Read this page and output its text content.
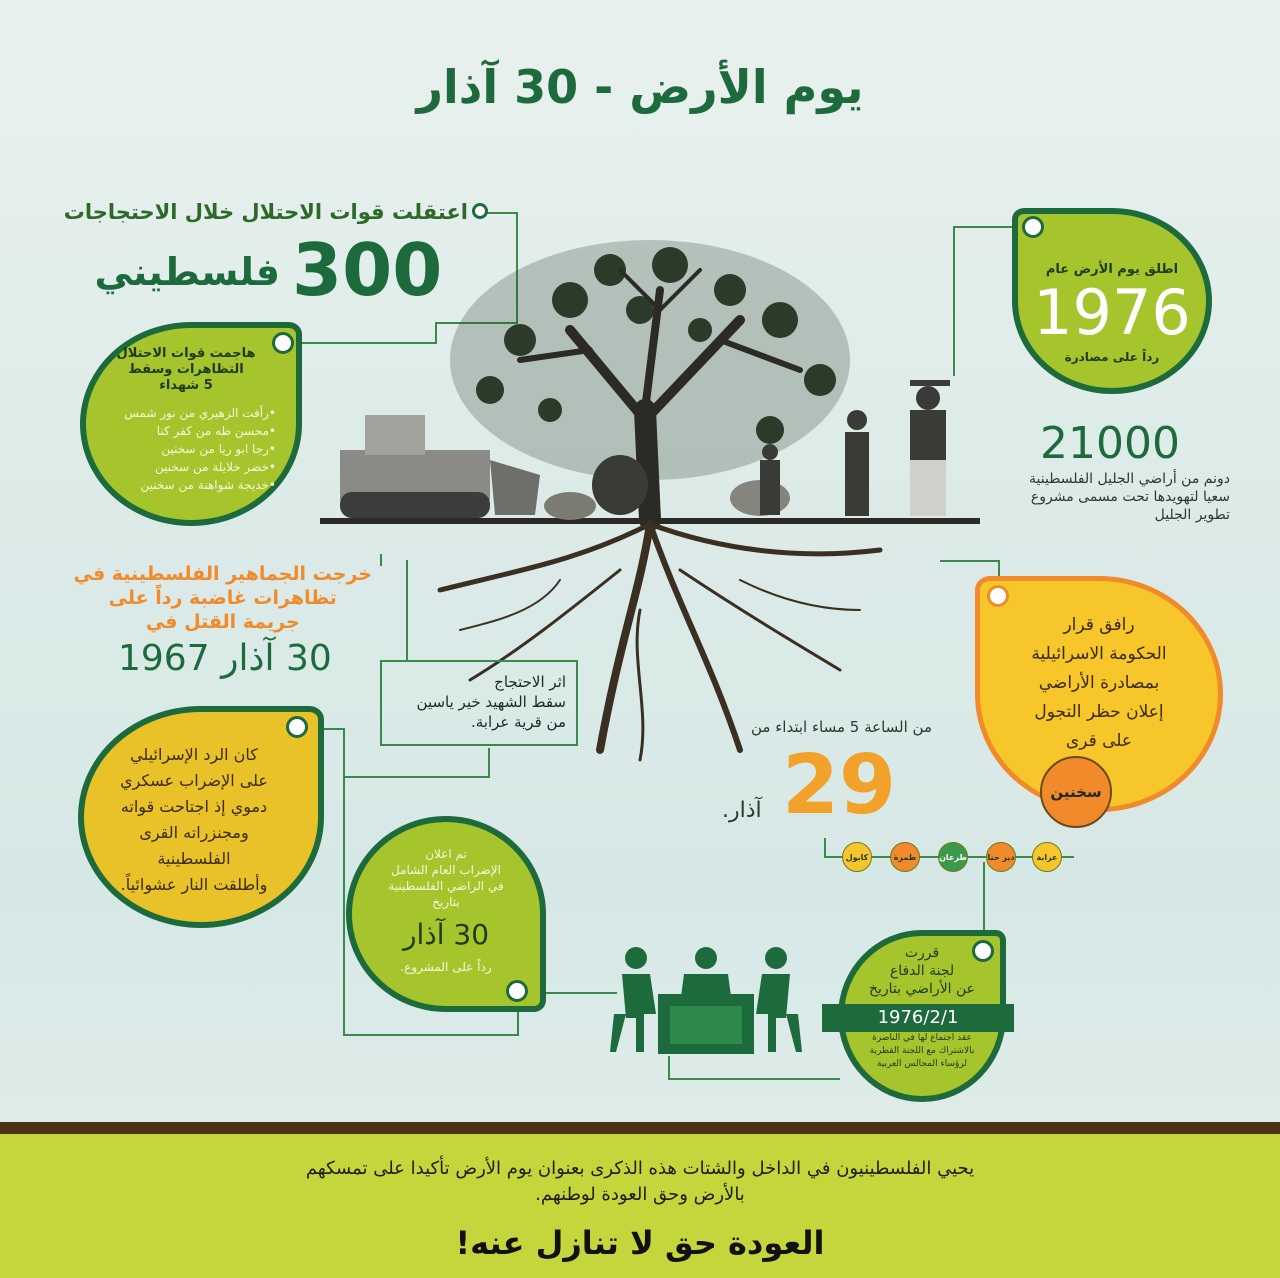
يوم الأرض - 30 آذار
اعتقلت قوات الاحتلال خلال الاحتجاجات
300
فلسطيني
هاجمت قوات الاحتلال
التظاهرات وسقط
5 شهداء
•رأفت الزهيري من نور شمس
•محسن طه من كفر كنا
•رجا ابو ريا من سخنين
•خضر خلايلة من سخنين
•خديجة شواهنة من سخنين
اطلق يوم الأرض عام
1976
رداً على مصادرة
21000
دونم من أراضي الجليل الفلسطينية
سعيا لتهويدها تحت مسمى مشروع
تطوير الجليل
خرجت الجماهير الفلسطينية في
تظاهرات غاضبة رداً على
جريمة القتل في
30 آذار 1967
اثر الاحتجاج
سقط الشهيد خير ياسين
من قرية عرابة.
رافق قرار
الحكومة الاسرائيلية
بمصادرة الأراضي
إعلان حظر التجول
على قرى
سخنين
من الساعة 5 مساء ابتداء من
29
آذار.
عرابة
دير حنا
طرعان
طمرة
كابول
كان الرد الإسرائيلي
على الإضراب عسكري
دموي إذ اجتاحت قواته
ومجنزراته القرى
الفلسطينية
وأطلقت النار عشوائياً.
تم اعلان
الإضراب العام الشامل
في الراضي الفلسطينية
بتاريخ
30 آذار
رداً على المشروع.
قررت
لجنة الدفاع
عن الأراضي بتاريخ
عقد اجتماع لها في الناصرة
بالاشتراك مع اللجنة القطرية
لرؤساء المجالس العربية
1976/2/1
يحيي الفلسطينيون في الداخل والشتات هذه الذكرى بعنوان يوم الأرض تأكيدا على تمسكهم
بالأرض وحق العودة لوطنهم.
العودة حق لا تنازل عنه!
